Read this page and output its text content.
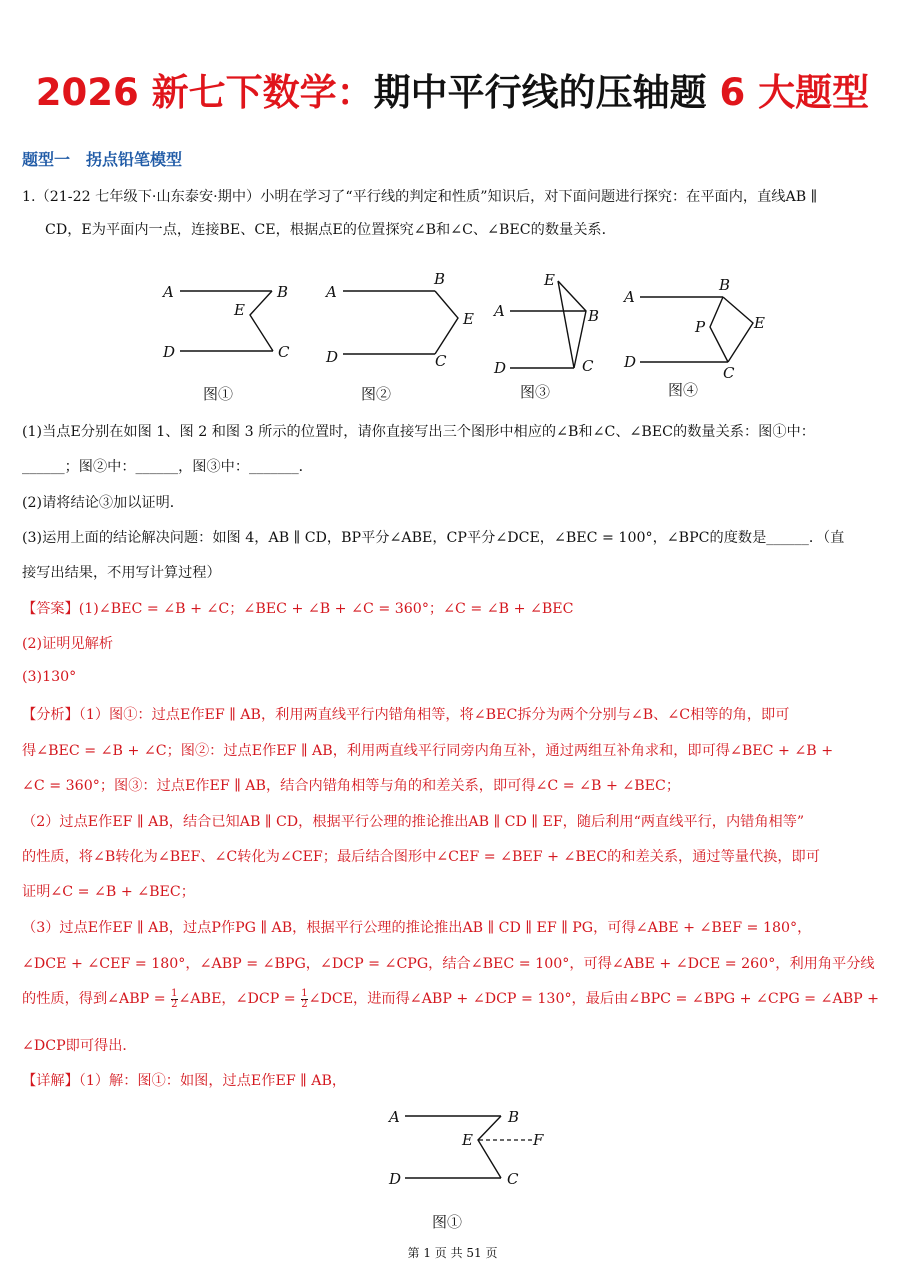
2026 新七下数学：期中平行线的压轴题 6 大题型
题型一　拐点铅笔模型
1.（21-22 七年级下·山东泰安·期中）小明在学习了“平行线的判定和性质”知识后，对下面问题进行探究：在平面内，直线AB ∥
CD，E为平面内一点，连接BE、CE，根据点E的位置探究∠B和∠C、∠BEC的数量关系．
A	B
E
D	C
图①
A
B
E
D	C
图②
E
A	B
D	C
图③
A
B
E
P
D
C
图④
(1)当点E分别在如图 1、图 2 和图 3 所示的位置时，请你直接写出三个图形中相应的∠B和∠C、∠BEC的数量关系：图①中：
______；图②中：______，图③中：_______．
(2)请将结论③加以证明．
(3)运用上面的结论解决问题：如图 4，AB ∥ CD，BP平分∠ABE，CP平分∠DCE，∠BEC = 100°，∠BPC的度数是______．（直
接写出结果，不用写计算过程）
【答案】(1)∠BEC = ∠B + ∠C；∠BEC + ∠B + ∠C = 360°；∠C = ∠B + ∠BEC
(2)证明见解析
(3)130°
【分析】（1）图①：过点E作EF ∥ AB，利用两直线平行内错角相等，将∠BEC拆分为两个分别与∠B、∠C相等的角，即可
得∠BEC = ∠B + ∠C；图②：过点E作EF ∥ AB，利用两直线平行同旁内角互补，通过两组互补角求和，即可得∠BEC + ∠B +
∠C = 360°；图③：过点E作EF ∥ AB，结合内错角相等与角的和差关系，即可得∠C = ∠B + ∠BEC；
（2）过点E作EF ∥ AB，结合已知AB ∥ CD，根据平行公理的推论推出AB ∥ CD ∥ EF，随后利用“两直线平行，内错角相等”
的性质，将∠B转化为∠BEF、∠C转化为∠CEF；最后结合图形中∠CEF = ∠BEF + ∠BEC的和差关系，通过等量代换，即可
证明∠C = ∠B + ∠BEC；
（3）过点E作EF ∥ AB，过点P作PG ∥ AB，根据平行公理的推论推出AB ∥ CD ∥ EF ∥ PG，可得∠ABE + ∠BEF = 180°，
∠DCE + ∠CEF = 180°，∠ABP = ∠BPG，∠DCP = ∠CPG，结合∠BEC = 100°，可得∠ABE + ∠DCE = 260°，利用角平分线
的性质，得到∠ABP = $\frac{1}{2}$ ∠ABE，∠DCP = $\frac{1}{2}$ ∠DCE，进而得∠ABP + ∠DCP = 130°，最后由∠BPC = ∠BPG + ∠CPG = ∠ABP +
∠DCP即可得出．
【详解】（1）解：图①：如图，过点E作EF ∥ AB，
A	B
E	F
D	C
图①
第 1 页 共 51 页
